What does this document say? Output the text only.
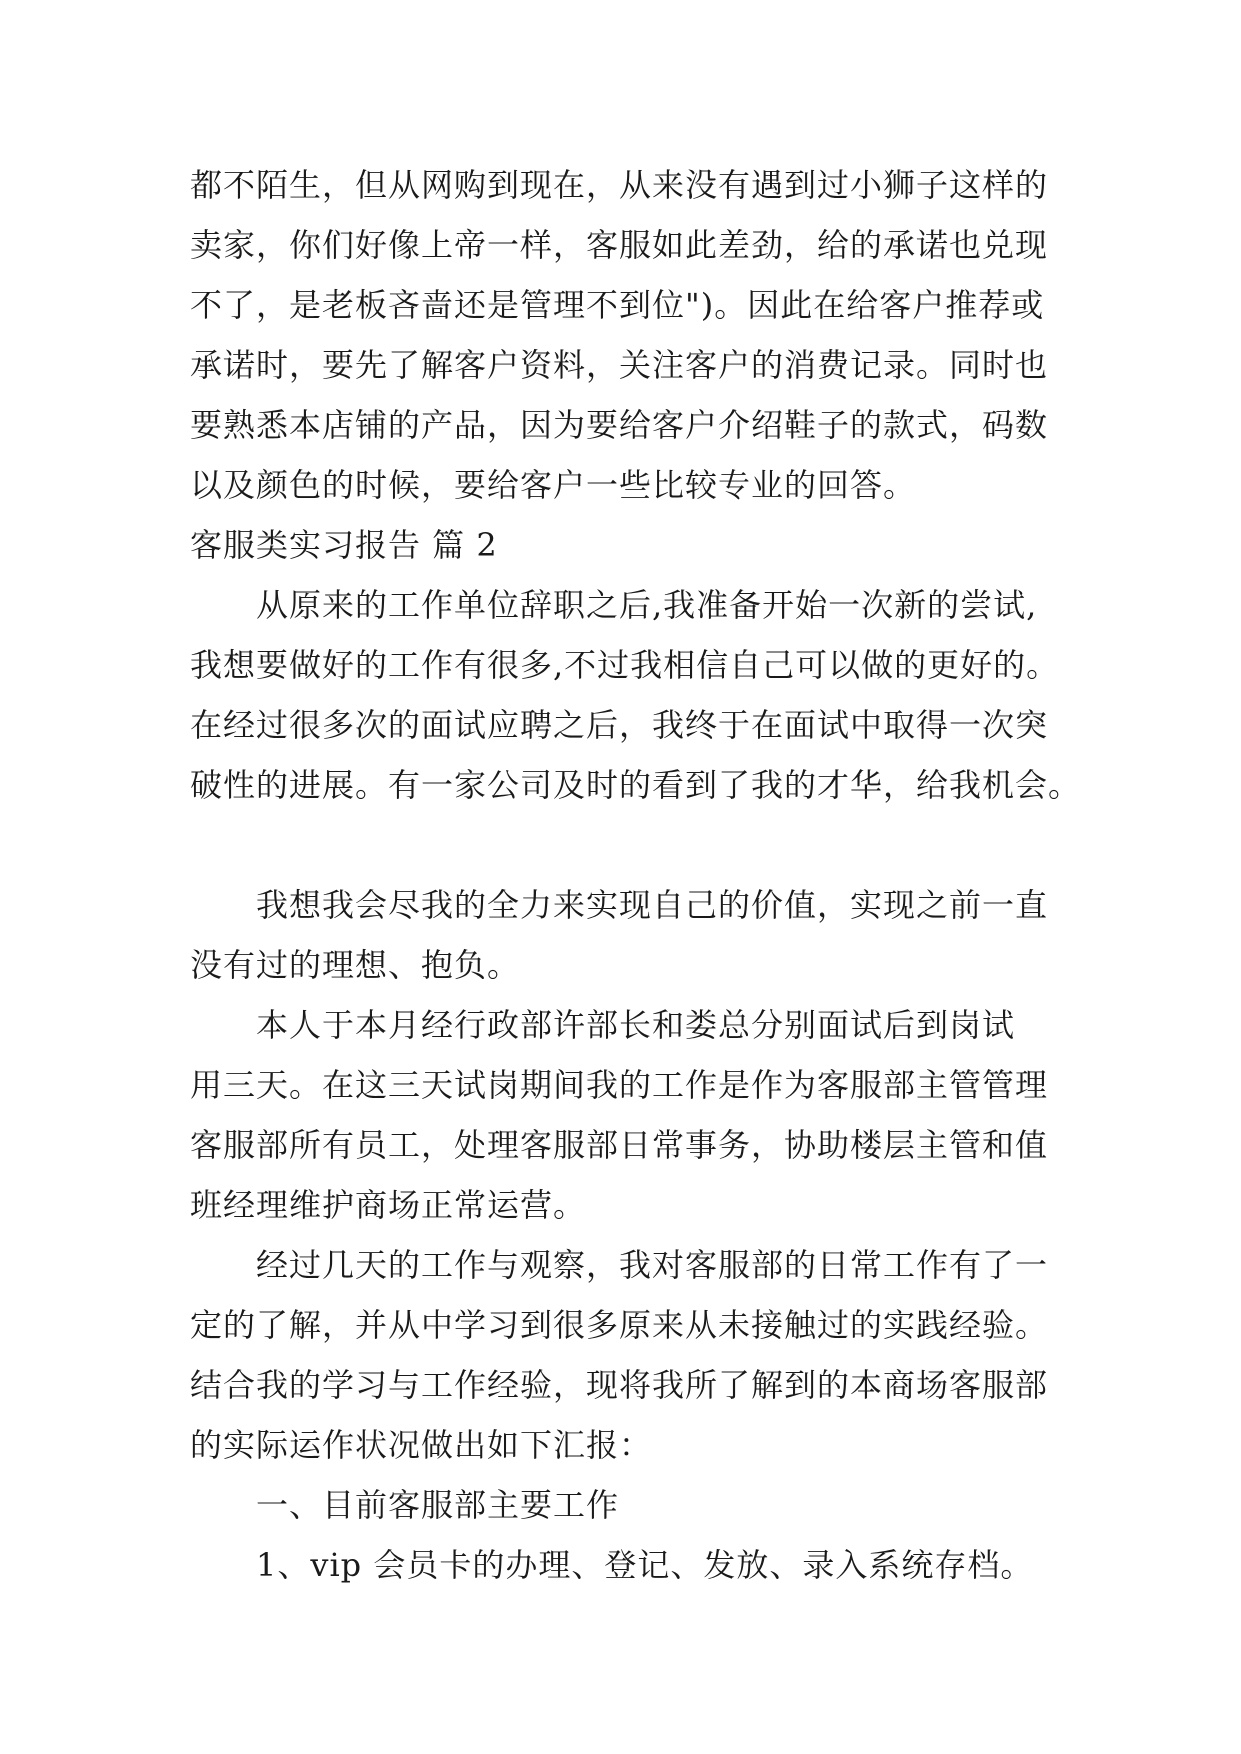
都不陌生，但从网购到现在，从来没有遇到过小狮子这样的
卖家，你们好像上帝一样，客服如此差劲，给的承诺也兑现
不了，是老板吝啬还是管理不到位")。因此在给客户推荐或
承诺时，要先了解客户资料，关注客户的消费记录。同时也
要熟悉本店铺的产品，因为要给客户介绍鞋子的款式，码数
以及颜色的时候，要给客户一些比较专业的回答。
客服类实习报告 篇 2
从原来的工作单位辞职之后,我准备开始一次新的尝试,
我想要做好的工作有很多,不过我相信自己可以做的更好的。
在经过很多次的面试应聘之后，我终于在面试中取得一次突
破性的进展。有一家公司及时的看到了我的才华，给我机会。
我想我会尽我的全力来实现自己的价值，实现之前一直
没有过的理想、抱负。
本人于本月经行政部许部长和娄总分别面试后到岗试
用三天。在这三天试岗期间我的工作是作为客服部主管管理
客服部所有员工，处理客服部日常事务，协助楼层主管和值
班经理维护商场正常运营。
经过几天的工作与观察，我对客服部的日常工作有了一
定的了解，并从中学习到很多原来从未接触过的实践经验。
结合我的学习与工作经验，现将我所了解到的本商场客服部
的实际运作状况做出如下汇报：
一、目前客服部主要工作
1、vip 会员卡的办理、登记、发放、录入系统存档。
